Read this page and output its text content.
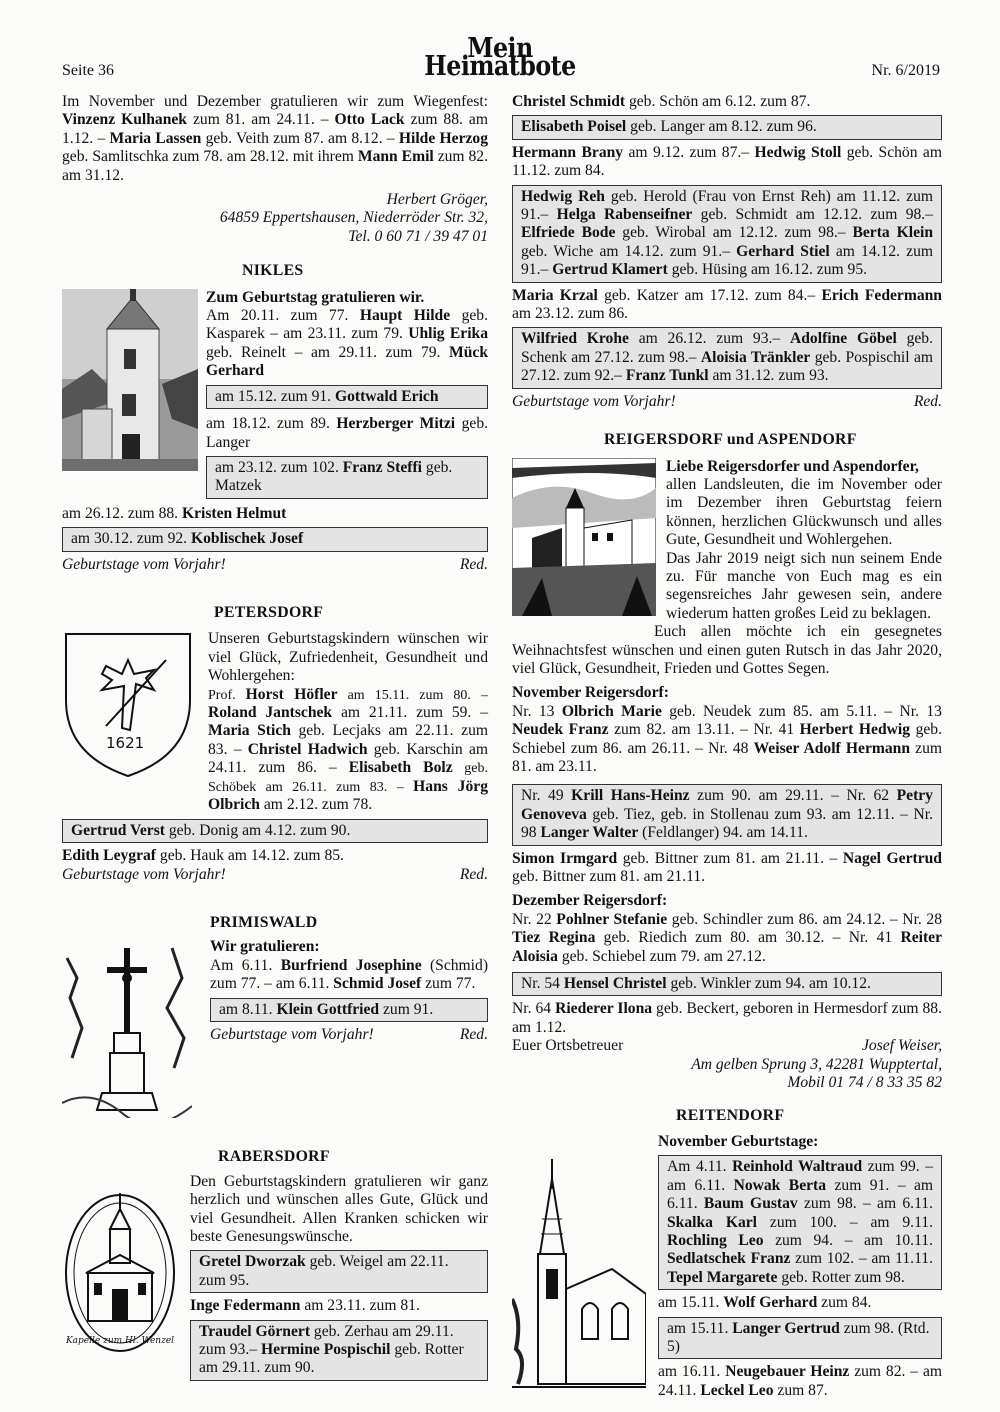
Seite 36
Mein Heimatbote	Nr. 6/2019

Im November und Dezember gratulieren wir zum Wiegenfest: Vinzenz Kulhanek zum 81. am 24.11. – Otto Lack zum 88. am 1.12. – Maria Lassen geb. Veith zum 87. am 8.12. – Hilde Herzog geb. Samlitschka zum 78. am 28.12. mit ihrem Mann Emil zum 82. am 31.12.

Herbert Gröger,
64859 Eppertshausen, Niederröder Str. 32,
Tel. 0 60 71 / 39 47 01
NIKLES

Zum Geburtstag gratulieren wir.

Am 20.11. zum 77. Haupt Hilde geb. Kasparek – am 23.11. zum 79. Uhlig Erika geb. Reinelt – am 29.11. zum 79. Mück Gerhard

am 15.12. zum 91. Gottwald Erich

am 18.12. zum 89. Herzberger Mitzi geb. Langer

am 23.12. zum 102. Franz Steffi geb. Matzek

am 26.12. zum 88. Kristen Helmut

am 30.12. zum 92. Koblischek Josef
Geburtstage vom Vorjahr!	Red.
PETERSDORF
1621

Unseren Geburtstagskindern wünschen wir viel Glück, Zufriedenheit, Gesundheit und Wohlergehen:

Prof. Horst Höfler am 15.11. zum 80. – Roland Jantschek am 21.11. zum 59. – Maria Stich geb. Lecjaks am 22.11. zum 83. – Christel Hadwich geb. Karschin am 24.11. zum 86. – Elisabeth Bolz geb. Schöbek am 26.11. zum 83. – Hans Jörg Olbrich am 2.12. zum 78.

Gertrud Verst geb. Donig am 4.12. zum 90.

Edith Leygraf geb. Hauk am 14.12. zum 85.

Geburtstage vom Vorjahr!	Red.
PRIMISWALD

Wir gratulieren:

Am 6.11. Burfriend Josephine (Schmid) zum 77. – am 6.11. Schmid Josef zum 77.

am 8.11. Klein Gottfried zum 91.
Geburtstage vom Vorjahr!	Red.
RABERSDORF
Kapelle zum Hl. Wenzel

Den Geburtstagskindern gratulieren wir ganz herzlich und wünschen alles Gute, Glück und viel Gesundheit. Allen Kranken schicken wir beste Genesungswünsche.

Gretel Dworzak geb. Weigel am 22.11. zum 95.

Inge Federmann am 23.11. zum 81.

Traudel Görnert geb. Zerhau am 29.11. zum 93.– Hermine Pospischil geb. Rotter am 29.11. zum 90.

Christel Schmidt geb. Schön am 6.12. zum 87.

Elisabeth Poisel geb. Langer am 8.12. zum 96.

Hermann Brany am 9.12. zum 87.– Hedwig Stoll geb. Schön am 11.12. zum 84.

Hedwig Reh geb. Herold (Frau von Ernst Reh) am 11.12. zum 91.– Helga Rabenseifner geb. Schmidt am 12.12. zum 98.– Elfriede Bode geb. Wirobal am 12.12. zum 98.– Berta Klein geb. Wiche am 14.12. zum 91.– Gerhard Stiel am 14.12. zum 91.– Gertrud Klamert geb. Hüsing am 16.12. zum 95.

Maria Krzal geb. Katzer am 17.12. zum 84.– Erich Federmann am 23.12. zum 86.

Wilfried Krohe am 26.12. zum 93.– Adolfine Göbel geb. Schenk am 27.12. zum 98.– Aloisia Tränkler geb. Pospischil am 27.12. zum 92.– Franz Tunkl am 31.12. zum 93.
Geburtstage vom Vorjahr!	Red.
REIGERSDORF und ASPENDORF

Liebe Reigersdorfer und Aspendorfer,

allen Landsleuten, die im November oder im Dezember ihren Geburtstag feiern können, herzlichen Glückwunsch und alles Gute, Gesundheit und Wohlergehen.

Das Jahr 2019 neigt sich nun seinem Ende zu. Für manche von Euch mag es ein segensreiches Jahr gewesen sein, andere wiederum hatten großes Leid zu beklagen.

Euch allen möchte ich ein gesegnetes Weihnachtsfest wünschen und einen guten Rutsch in das Jahr 2020, viel Glück, Gesundheit, Frieden und Gottes Segen.

November Reigersdorf:

Nr. 13 Olbrich Marie geb. Neudek zum 85. am 5.11. – Nr. 13 Neudek Franz zum 82. am 13.11. – Nr. 41 Herbert Hedwig geb. Schiebel zum 86. am 26.11. – Nr. 48 Weiser Adolf Hermann zum 81. am 23.11.

Nr. 49 Krill Hans-Heinz zum 90. am 29.11. – Nr. 62 Petry Genoveva geb. Tiez, geb. in Stollenau zum 93. am 12.11. – Nr. 98 Langer Walter (Feldlanger) 94. am 14.11.

Simon Irmgard geb. Bittner zum 81. am 21.11. – Nagel Gertrud geb. Bittner zum 81. am 21.11.

Dezember Reigersdorf:

Nr. 22 Pohlner Stefanie geb. Schindler zum 86. am 24.12. – Nr. 28 Tiez Regina geb. Riedich zum 80. am 30.12. – Nr. 41 Reiter Aloisia geb. Schiebel zum 79. am 27.12.

Nr. 54 Hensel Christel geb. Winkler zum 94. am 10.12.

Nr. 64 Riederer Ilona geb. Beckert, geboren in Hermesdorf zum 88. am 1.12.

Euer Ortsbetreuer	Josef Weiser,
Am gelben Sprung 3, 42281 Wupptertal,
Mobil 01 74 / 8 33 35 82
REITENDORF

November Geburtstage:

Am 4.11. Reinhold Waltraud zum 99. – am 6.11. Nowak Berta zum 91. – am 6.11. Baum Gustav zum 98. – am 6.11. Skalka Karl zum 100. – am 9.11. Rochling Leo zum 94. – am 10.11. Sedlatschek Franz zum 102. – am 11.11. Tepel Margarete geb. Rotter zum 98.

am 15.11. Wolf Gerhard zum 84.

am 15.11. Langer Gertrud zum 98. (Rtd. 5)

am 16.11. Neugebauer Heinz zum 82. – am 24.11. Leckel Leo zum 87.
